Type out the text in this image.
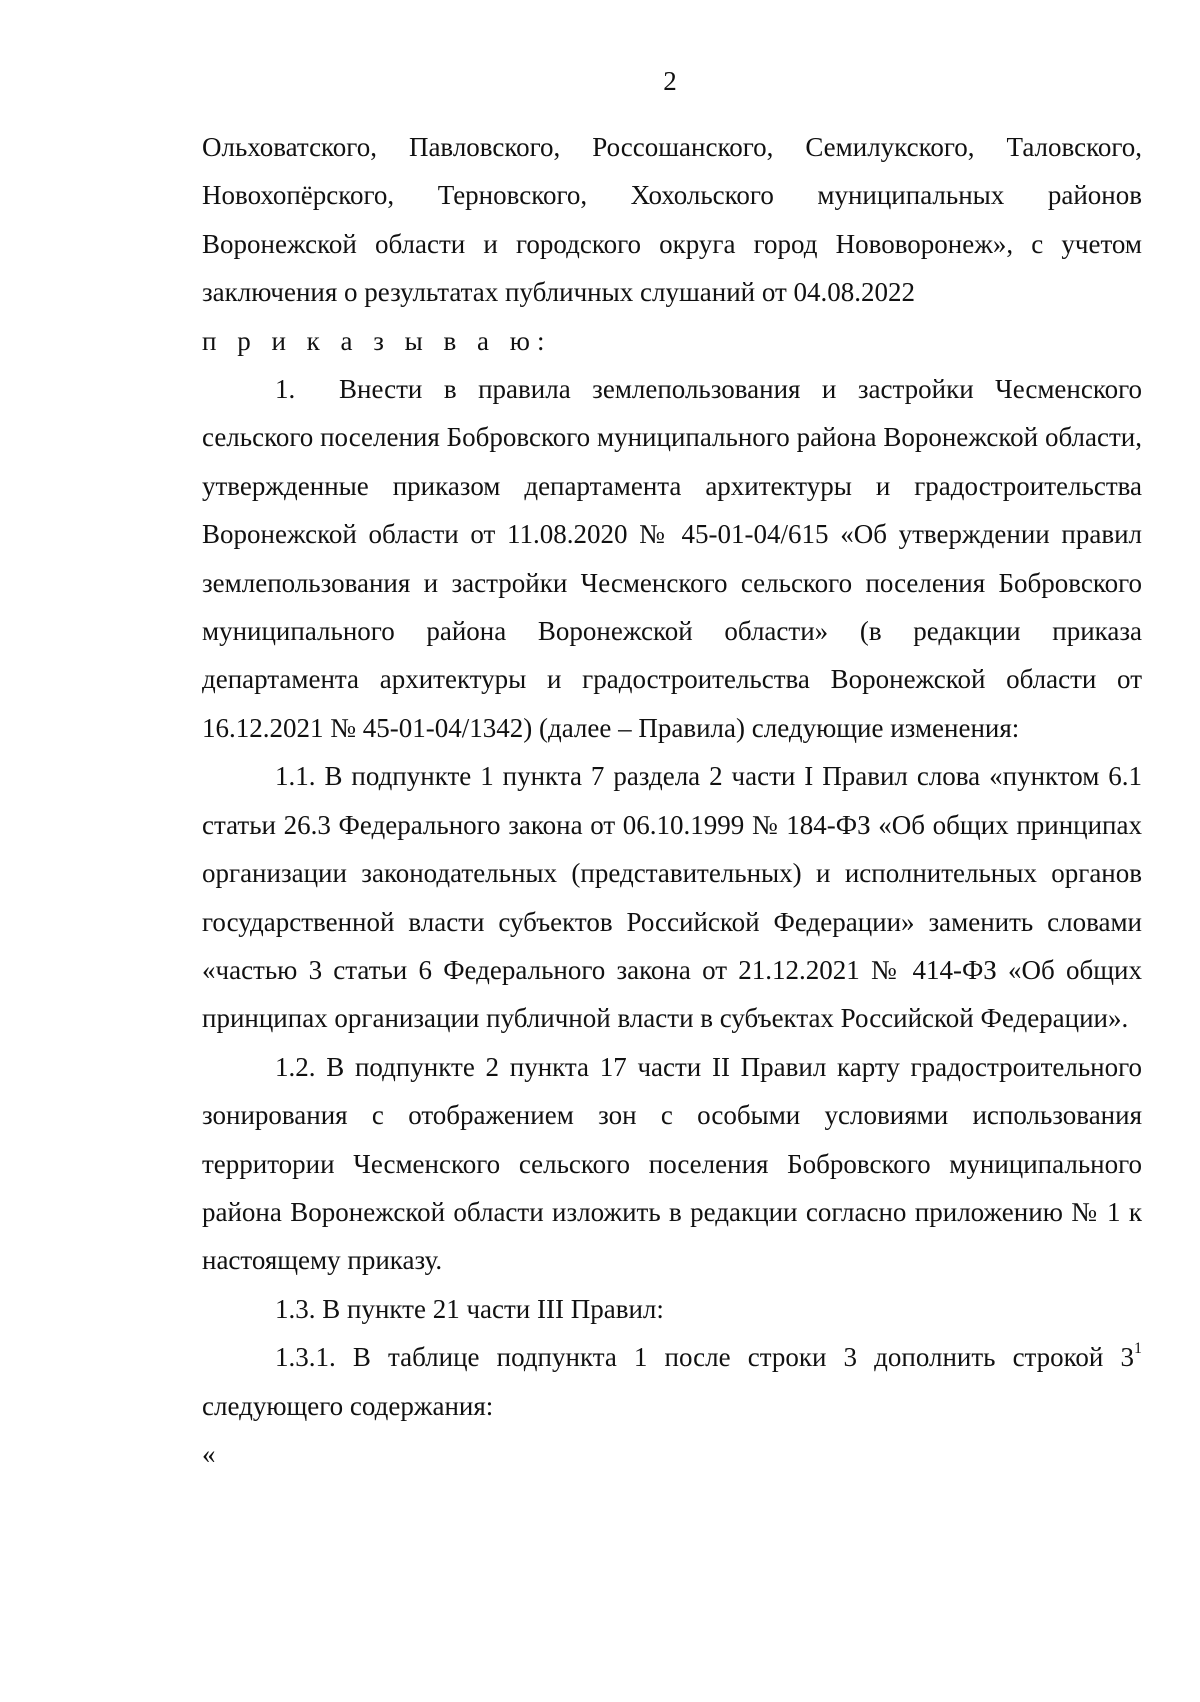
2

Ольховатского, Павловского, Россошанского, Семилукского, Таловского, Новохопёрского, Терновского, Хохольского муниципальных районов Воронежской области и городского округа город Нововоронеж», с учетом заключения о результатах публичных слушаний от 04.08.2022

п р и к а з ы в а ю:

1. Внести в правила землепользования и застройки Чесменского сельского поселения Бобровского муниципального района Воронежской области, утвержденные приказом департамента архитектуры и градостроительства Воронежской области от 11.08.2020 № 45-01-04/615 «Об утверждении правил землепользования и застройки Чесменского сельского поселения Бобровского муниципального района Воронежской области» (в редакции приказа департамента архитектуры и градостроительства Воронежской области от 16.12.2021 № 45-01-04/1342) (далее – Правила) следующие изменения:

1.1. В подпункте 1 пункта 7 раздела 2 части I Правил слова «пунктом 6.1 статьи 26.3 Федерального закона от 06.10.1999 № 184-ФЗ «Об общих принципах организации законодательных (представительных) и исполнительных органов государственной власти субъектов Российской Федерации» заменить словами «частью 3 статьи 6 Федерального закона от 21.12.2021 № 414-ФЗ «Об общих принципах организации публичной власти в субъектах Российской Федерации».

1.2. В подпункте 2 пункта 17 части II Правил карту градостроительного зонирования с отображением зон с особыми условиями использования территории Чесменского сельского поселения Бобровского муниципального района Воронежской области изложить в редакции согласно приложению № 1 к настоящему приказу.

1.3. В пункте 21 части III Правил:

1.3.1. В таблице подпункта 1 после строки 3 дополнить строкой $3^1$ следующего содержания:

«
